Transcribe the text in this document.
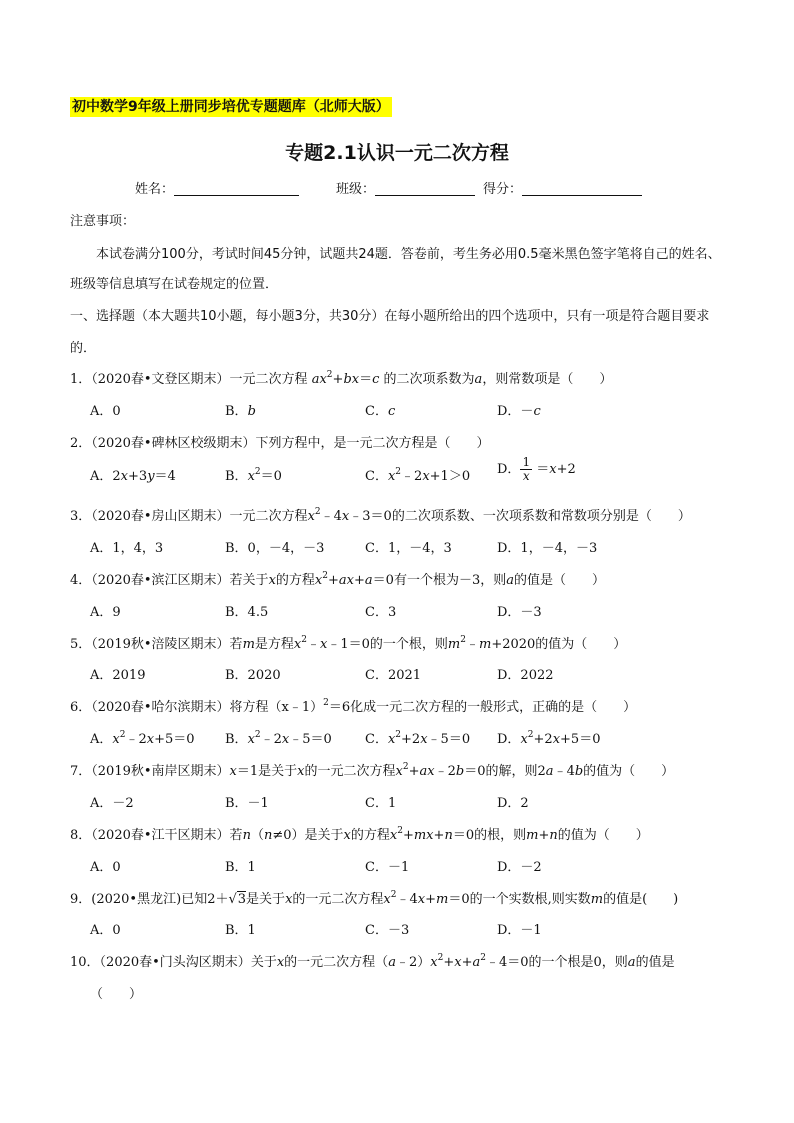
初中数学9年级上册同步培优专题题库（北师大版）
专题2.1认识一元二次方程
姓名：	班级：	得分：
注意事项：
本试卷满分100分，考试时间45分钟，试题共24题．答卷前，考生务必用0.5毫米黑色签字笔将自己的姓名、班级等信息填写在试卷规定的位置．
一、选择题（本大题共10小题，每小题3分，共30分）在每小题所给出的四个选项中，只有一项是符合题目要求的．
1．（2020春•文登区期末）一元二次方程 $ax^2+bx=c$ 的二次项系数为a，则常数项是（　　）
A．0	B．b	C．c	D．－c
2．（2020春•碑林区校级期末）下列方程中，是一元二次方程是（　　）
A．2x+3y＝4	B．$x^2=0$	C．$x^2﹣2x+1>0$ D． $\frac{1}{x} =x+2$
3．（2020春•房山区期末）一元二次方程$x^2﹣4x﹣3=0$的二次项系数、一次项系数和常数项分别是（　　）
A．1，4，3	B．0，－4，－3	C．1，－4，3	D．1，－4，－3
4．（2020春•滨江区期末）若关于x的方程$x^2+ax+a=0$有一个根为－3，则a的值是（　　）
A．9	B．4.5	C．3	D．－3
5．（2019秋•涪陵区期末）若m是方程$x^2﹣x﹣1=0$的一个根，则$m^2﹣m+2020$的值为（　　）
A．2019	B．2020	C．2021	D．2022
6．（2020春•哈尔滨期末）将方程（x﹣1）$^2$＝6化成一元二次方程的一般形式，正确的是（　　）
A．$x^2﹣2x+5=0$ B．$x^2﹣2x﹣5=0$	C．$x^2+2x﹣5=0$ D．$x^2+2x+5=0$
7．（2019秋•南岸区期末）x＝1是关于x的一元二次方程$x^2+ax﹣2b=0$的解，则2a﹣4b的值为（　　）
A．－2	B．－1	C．1	D．2
8．（2020春•江干区期末）若n（n≠0）是关于x的方程$x^2+mx+n=0$的根，则m+n的值为（　　）
A．0	B．1	C．－1	D．－2
9．(2020•黑龙江)已知2＋√3是关于x的一元二次方程$x^2﹣4x+m=0$的一个实数根,则实数m的值是(　　)
A．0	B．1	C．－3	D．－1
10．（2020春•门头沟区期末）关于x的一元二次方程$(a﹣2)x^2+x+a^2﹣4=0$的一个根是0，则a的值是
（　　）
